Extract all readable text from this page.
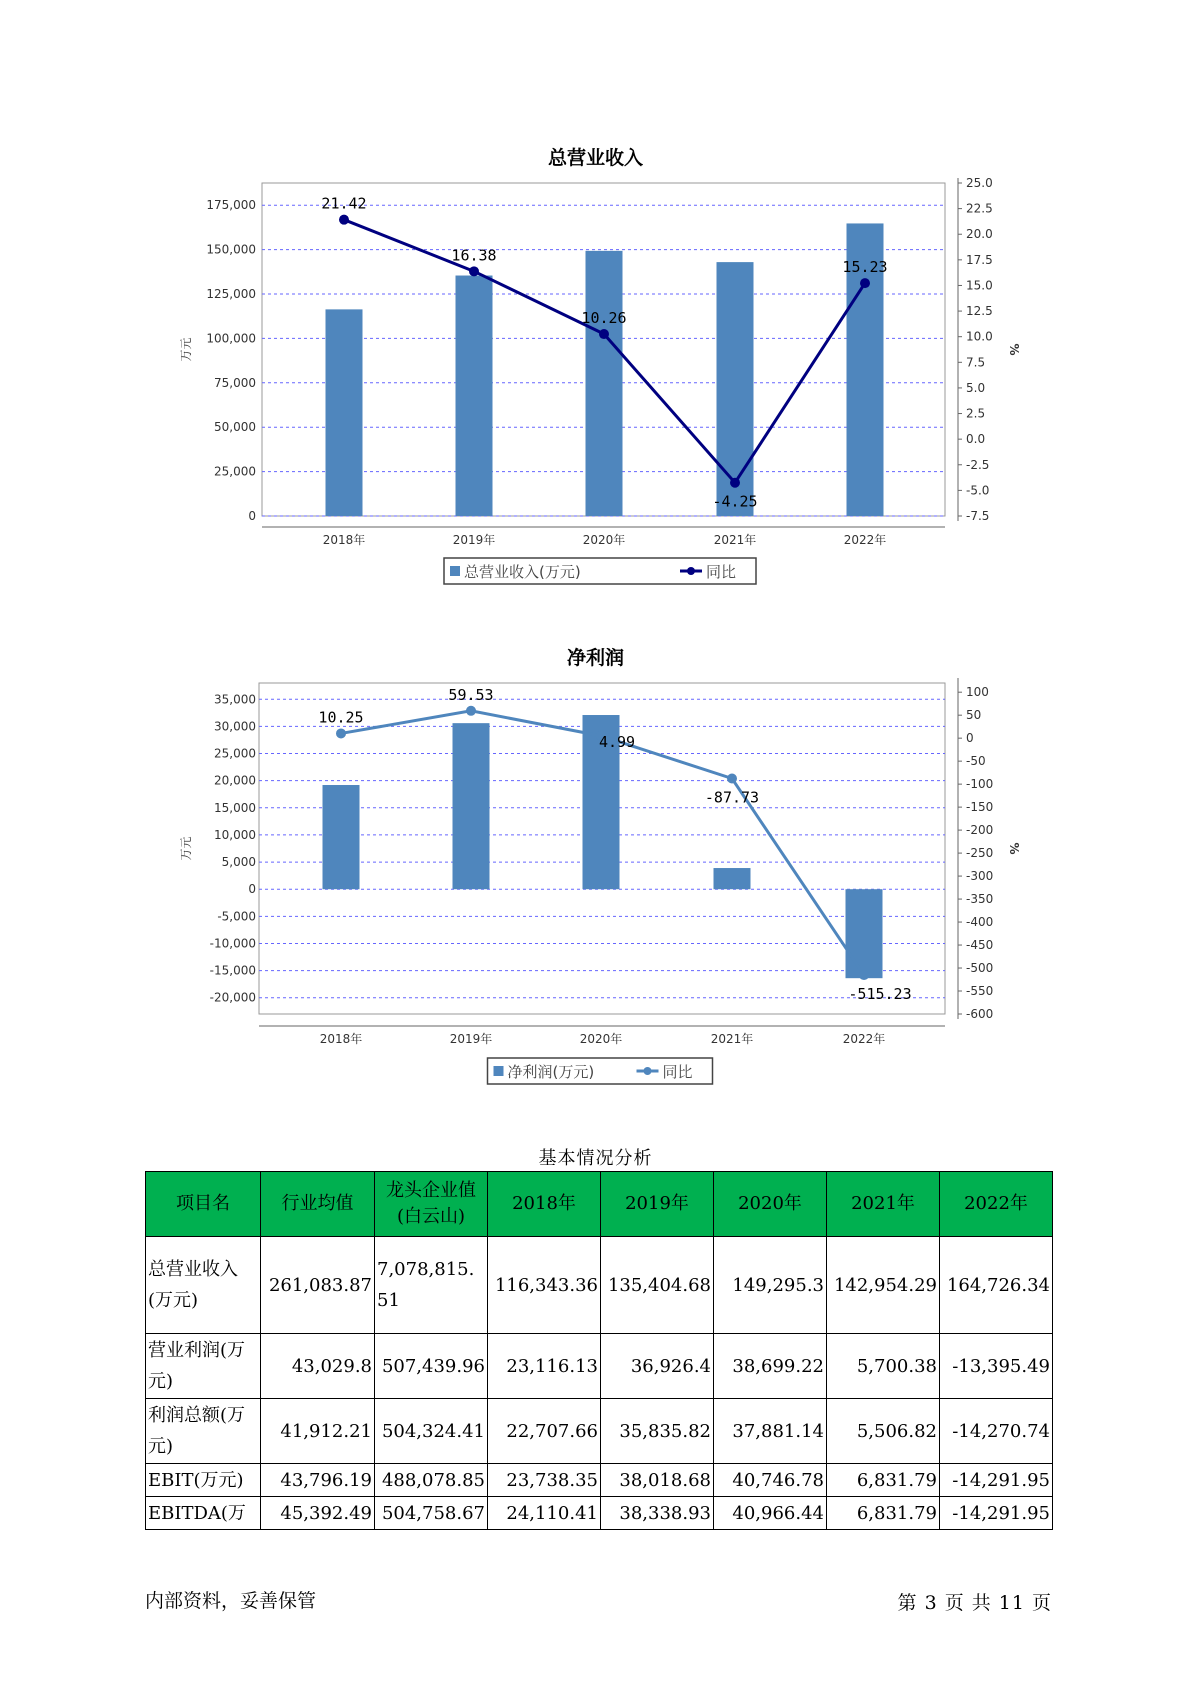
总营业收入
0
25,000
50,000
75,000
100,000
125,000
150,000
175,000
-7.5
-5.0
-2.5
0.0
2.5
5.0
7.5
10.0
12.5
15.0
17.5
20.0
22.5
25.0
万元	%
2018年	2019年	2020年	2021年	2022年
21.42
16.38
10.26
-4.25
15.23
总营业收入(万元)	同比
净利润
-20,000
-15,000
-10,000
-5,000
0
5,000
10,000
15,000
20,000
25,000
30,000
35,000
-600
-550
-500
-450
-400
-350
-300
-250
-200
-150
-100
-50
0
50
100
万元	%
2018年	2019年	2020年	2021年	2022年
10.25
59.53
4.99
-87.73
-515.23
净利润(万元)	同比
基本情况分析
项目名	行业均值	龙头企业值(白云山)	2018年	2019年	2020年	2021年	2022年
总营业收入(万元)	261,083.87	7,078,815.51	116,343.36	135,404.68	149,295.3	142,954.29	164,726.34
营业利润(万元)	43,029.8	507,439.96	23,116.13	36,926.4	38,699.22	5,700.38	-13,395.49
利润总额(万元)	41,912.21	504,324.41	22,707.66	35,835.82	37,881.14	5,506.82	-14,270.74
EBIT(万元)	43,796.19	488,078.85	23,738.35	38,018.68	40,746.78	6,831.79	-14,291.95
EBITDA(万	45,392.49	504,758.67	24,110.41	38,338.93	40,966.44	6,831.79	-14,291.95
内部资料，妥善保管	第 3 页 共 11 页
